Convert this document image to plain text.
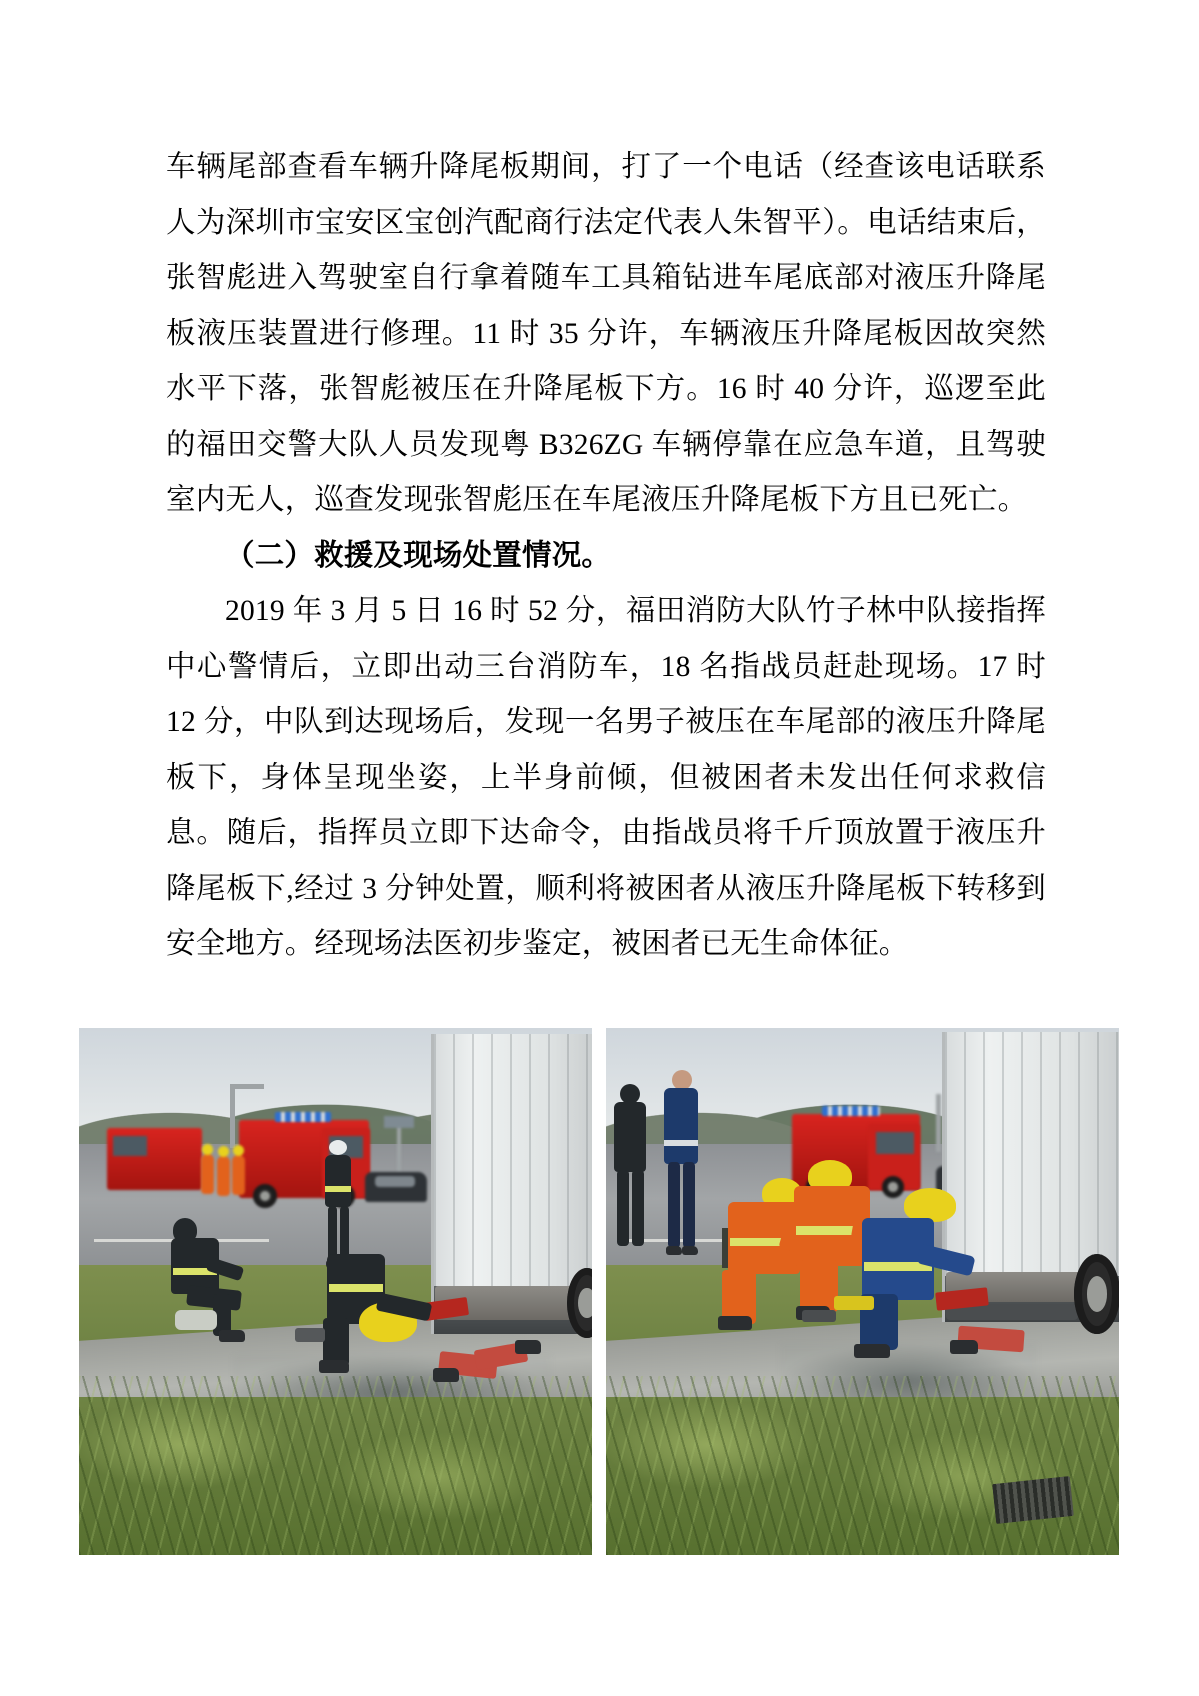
车辆尾部查看车辆升降尾板期间，打了一个电话（经查该电话联系人为深圳市宝安区宝创汽配商行法定代表人朱智平）。电话结束后，张智彪进入驾驶室自行拿着随车工具箱钻进车尾底部对液压升降尾板液压装置进行修理。11 时 35 分许，车辆液压升降尾板因故突然水平下落，张智彪被压在升降尾板下方。16 时 40 分许，巡逻至此的福田交警大队人员发现粤 B326ZG 车辆停靠在应急车道，且驾驶室内无人，巡查发现张智彪压在车尾液压升降尾板下方且已死亡。

（二）救援及现场处置情况。

2019 年 3 月 5 日 16 时 52 分，福田消防大队竹子林中队接指挥中心警情后，立即出动三台消防车，18 名指战员赶赴现场。17 时 12 分，中队到达现场后，发现一名男子被压在车尾部的液压升降尾板下，身体呈现坐姿，上半身前倾，但被困者未发出任何求救信息。随后，指挥员立即下达命令，由指战员将千斤顶放置于液压升降尾板下,经过 3 分钟处置，顺利将被困者从液压升降尾板下转移到安全地方。经现场法医初步鉴定，被困者已无生命体征。
